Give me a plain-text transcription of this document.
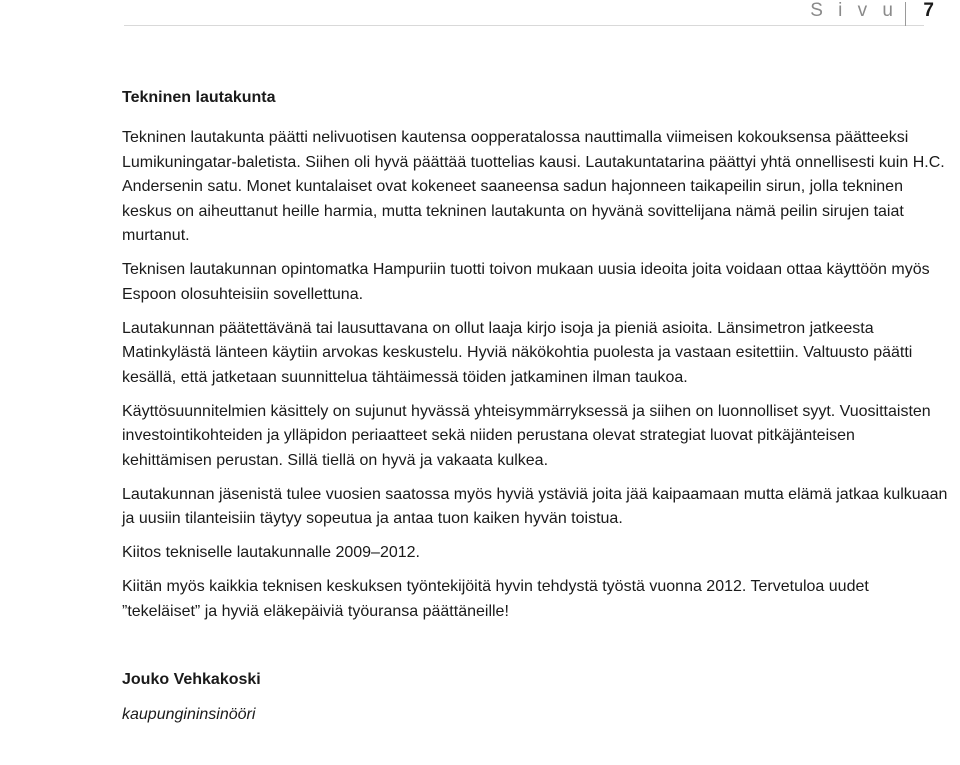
S i v u 7
Tekninen lautakunta

Tekninen lautakunta päätti nelivuotisen kautensa oopperatalossa nauttimalla viimeisen kokouksensa päätteeksi Lumikuningatar-baletista. Siihen oli hyvä päättää tuottelias kausi. Lautakuntatarina päättyi yhtä onnellisesti kuin H.C. Andersenin satu. Monet kuntalaiset ovat kokeneet saaneensa sadun hajonneen taikapeilin sirun, jolla tekninen keskus on aiheuttanut heille harmia, mutta tekninen lautakunta on hyvänä sovittelijana nämä peilin sirujen taiat murtanut.

Teknisen lautakunnan opintomatka Hampuriin tuotti toivon mukaan uusia ideoita joita voidaan ottaa käyttöön myös Espoon olosuhteisiin sovellettuna.

Lautakunnan päätettävänä tai lausuttavana on ollut laaja kirjo isoja ja pieniä asioita. Länsimetron jatkeesta Matinkylästä länteen käytiin arvokas keskustelu. Hyviä näkökohtia puolesta ja vastaan esitettiin. Valtuusto päätti kesällä, että jatketaan suunnittelua tähtäimessä töiden jatkaminen ilman taukoa.

Käyttösuunnitelmien käsittely on sujunut hyvässä yhteisymmärryksessä ja siihen on luonnolliset syyt. Vuosittaisten investointikohteiden ja ylläpidon periaatteet sekä niiden perustana olevat strategiat luovat pitkäjänteisen kehittämisen perustan. Sillä tiellä on hyvä ja vakaata kulkea.

Lautakunnan jäsenistä tulee vuosien saatossa myös hyviä ystäviä joita jää kaipaamaan mutta elämä jatkaa kulkuaan ja uusiin tilanteisiin täytyy sopeutua ja antaa tuon kaiken hyvän toistua.

Kiitos tekniselle lautakunnalle 2009–2012.

Kiitän myös kaikkia teknisen keskuksen työntekijöitä hyvin tehdystä työstä vuonna 2012. Tervetuloa uudet ”tekeläiset” ja hyviä eläkepäiviä työuransa päättäneille!

Jouko Vehkakoski
kaupungininsinööri
